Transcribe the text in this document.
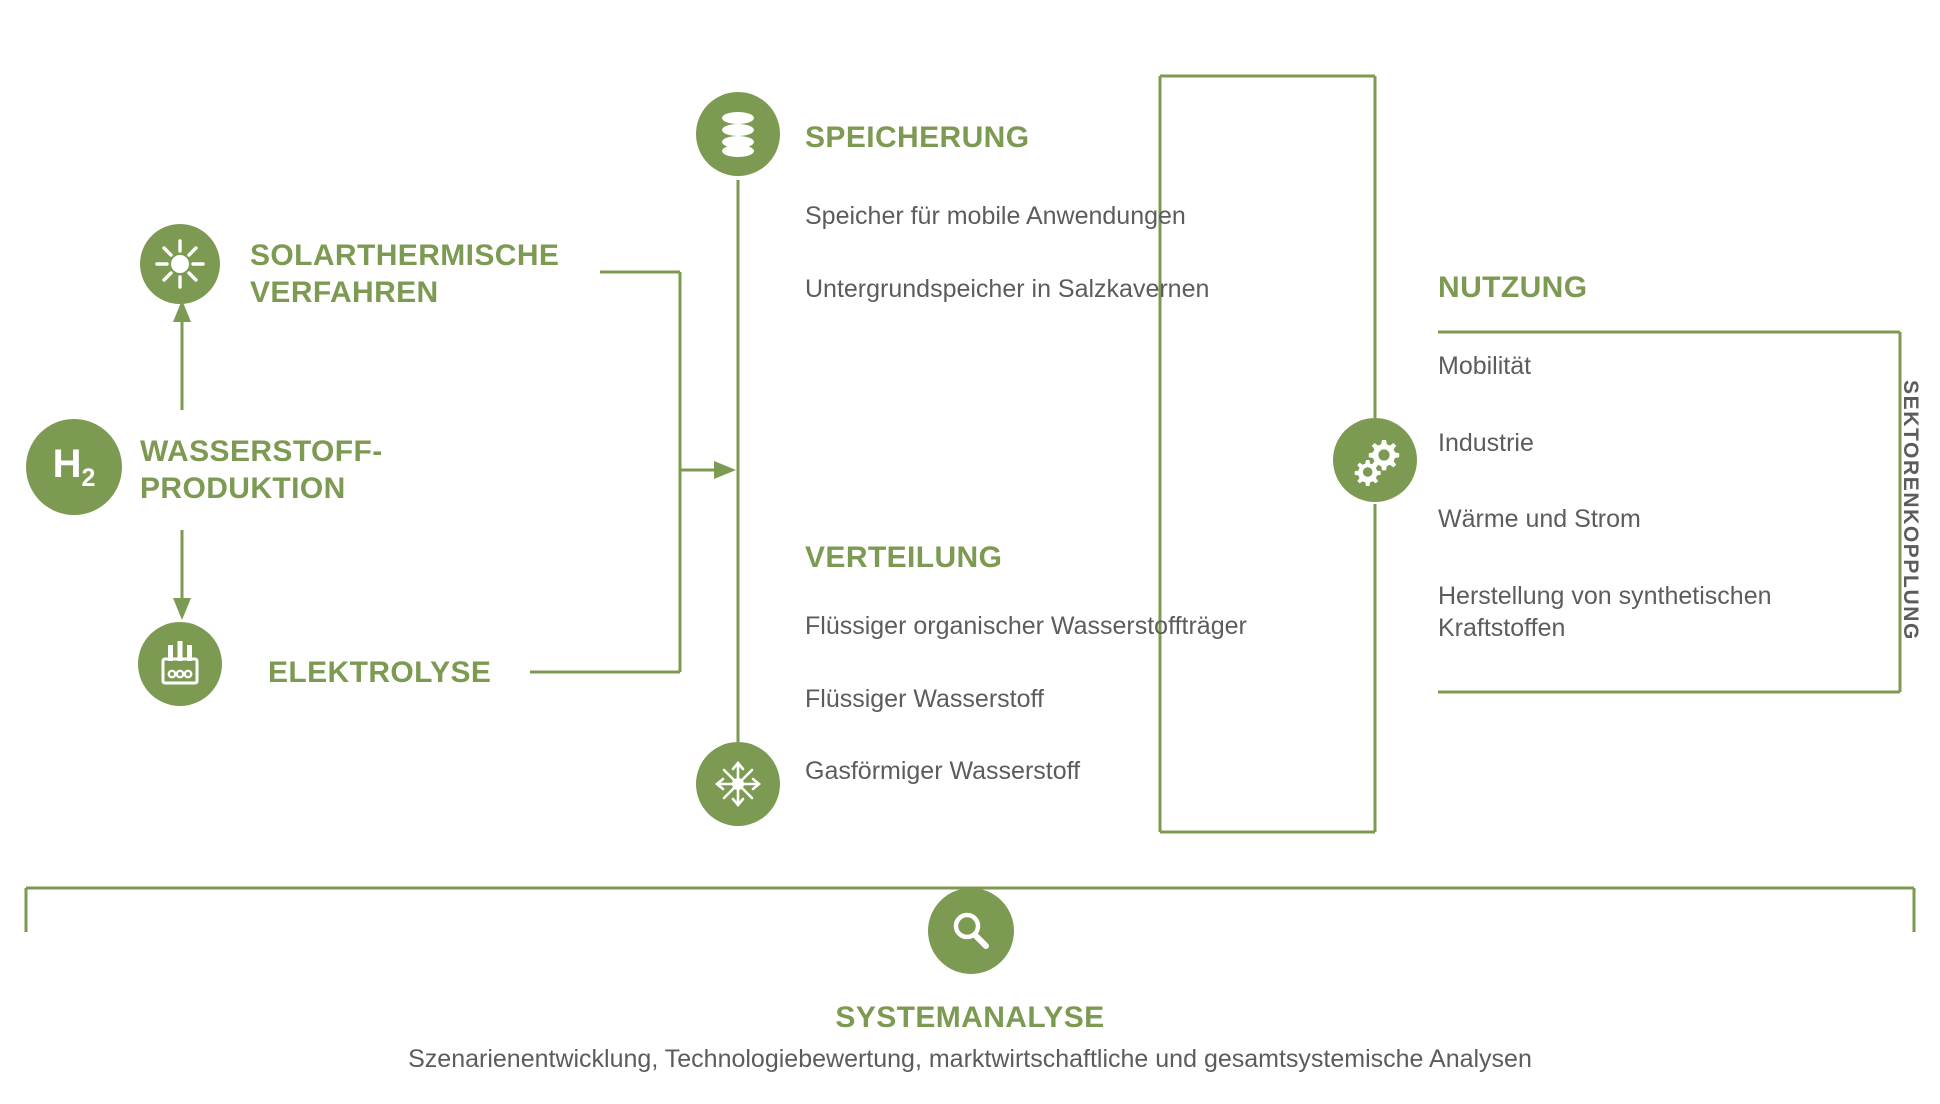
$H_2$
WASSERSTOFF-
PRODUKTION
SOLARTHERMISCHE
VERFAHREN
ELEKTROLYSE
SPEICHERUNG
Speicher für mobile Anwendungen
Untergrundspeicher in Salzkavernen
VERTEILUNG
Flüssiger organischer Wasserstoffträger
Flüssiger Wasserstoff
Gasförmiger Wasserstoff
NUTZUNG
Mobilität
Industrie
Wärme und Strom
Herstellung von synthetischen Kraftstoffen	SEKTORENKOPPLUNG
SYSTEMANALYSE
Szenarienentwicklung, Technologiebewertung, marktwirtschaftliche und gesamtsystemische Analysen
